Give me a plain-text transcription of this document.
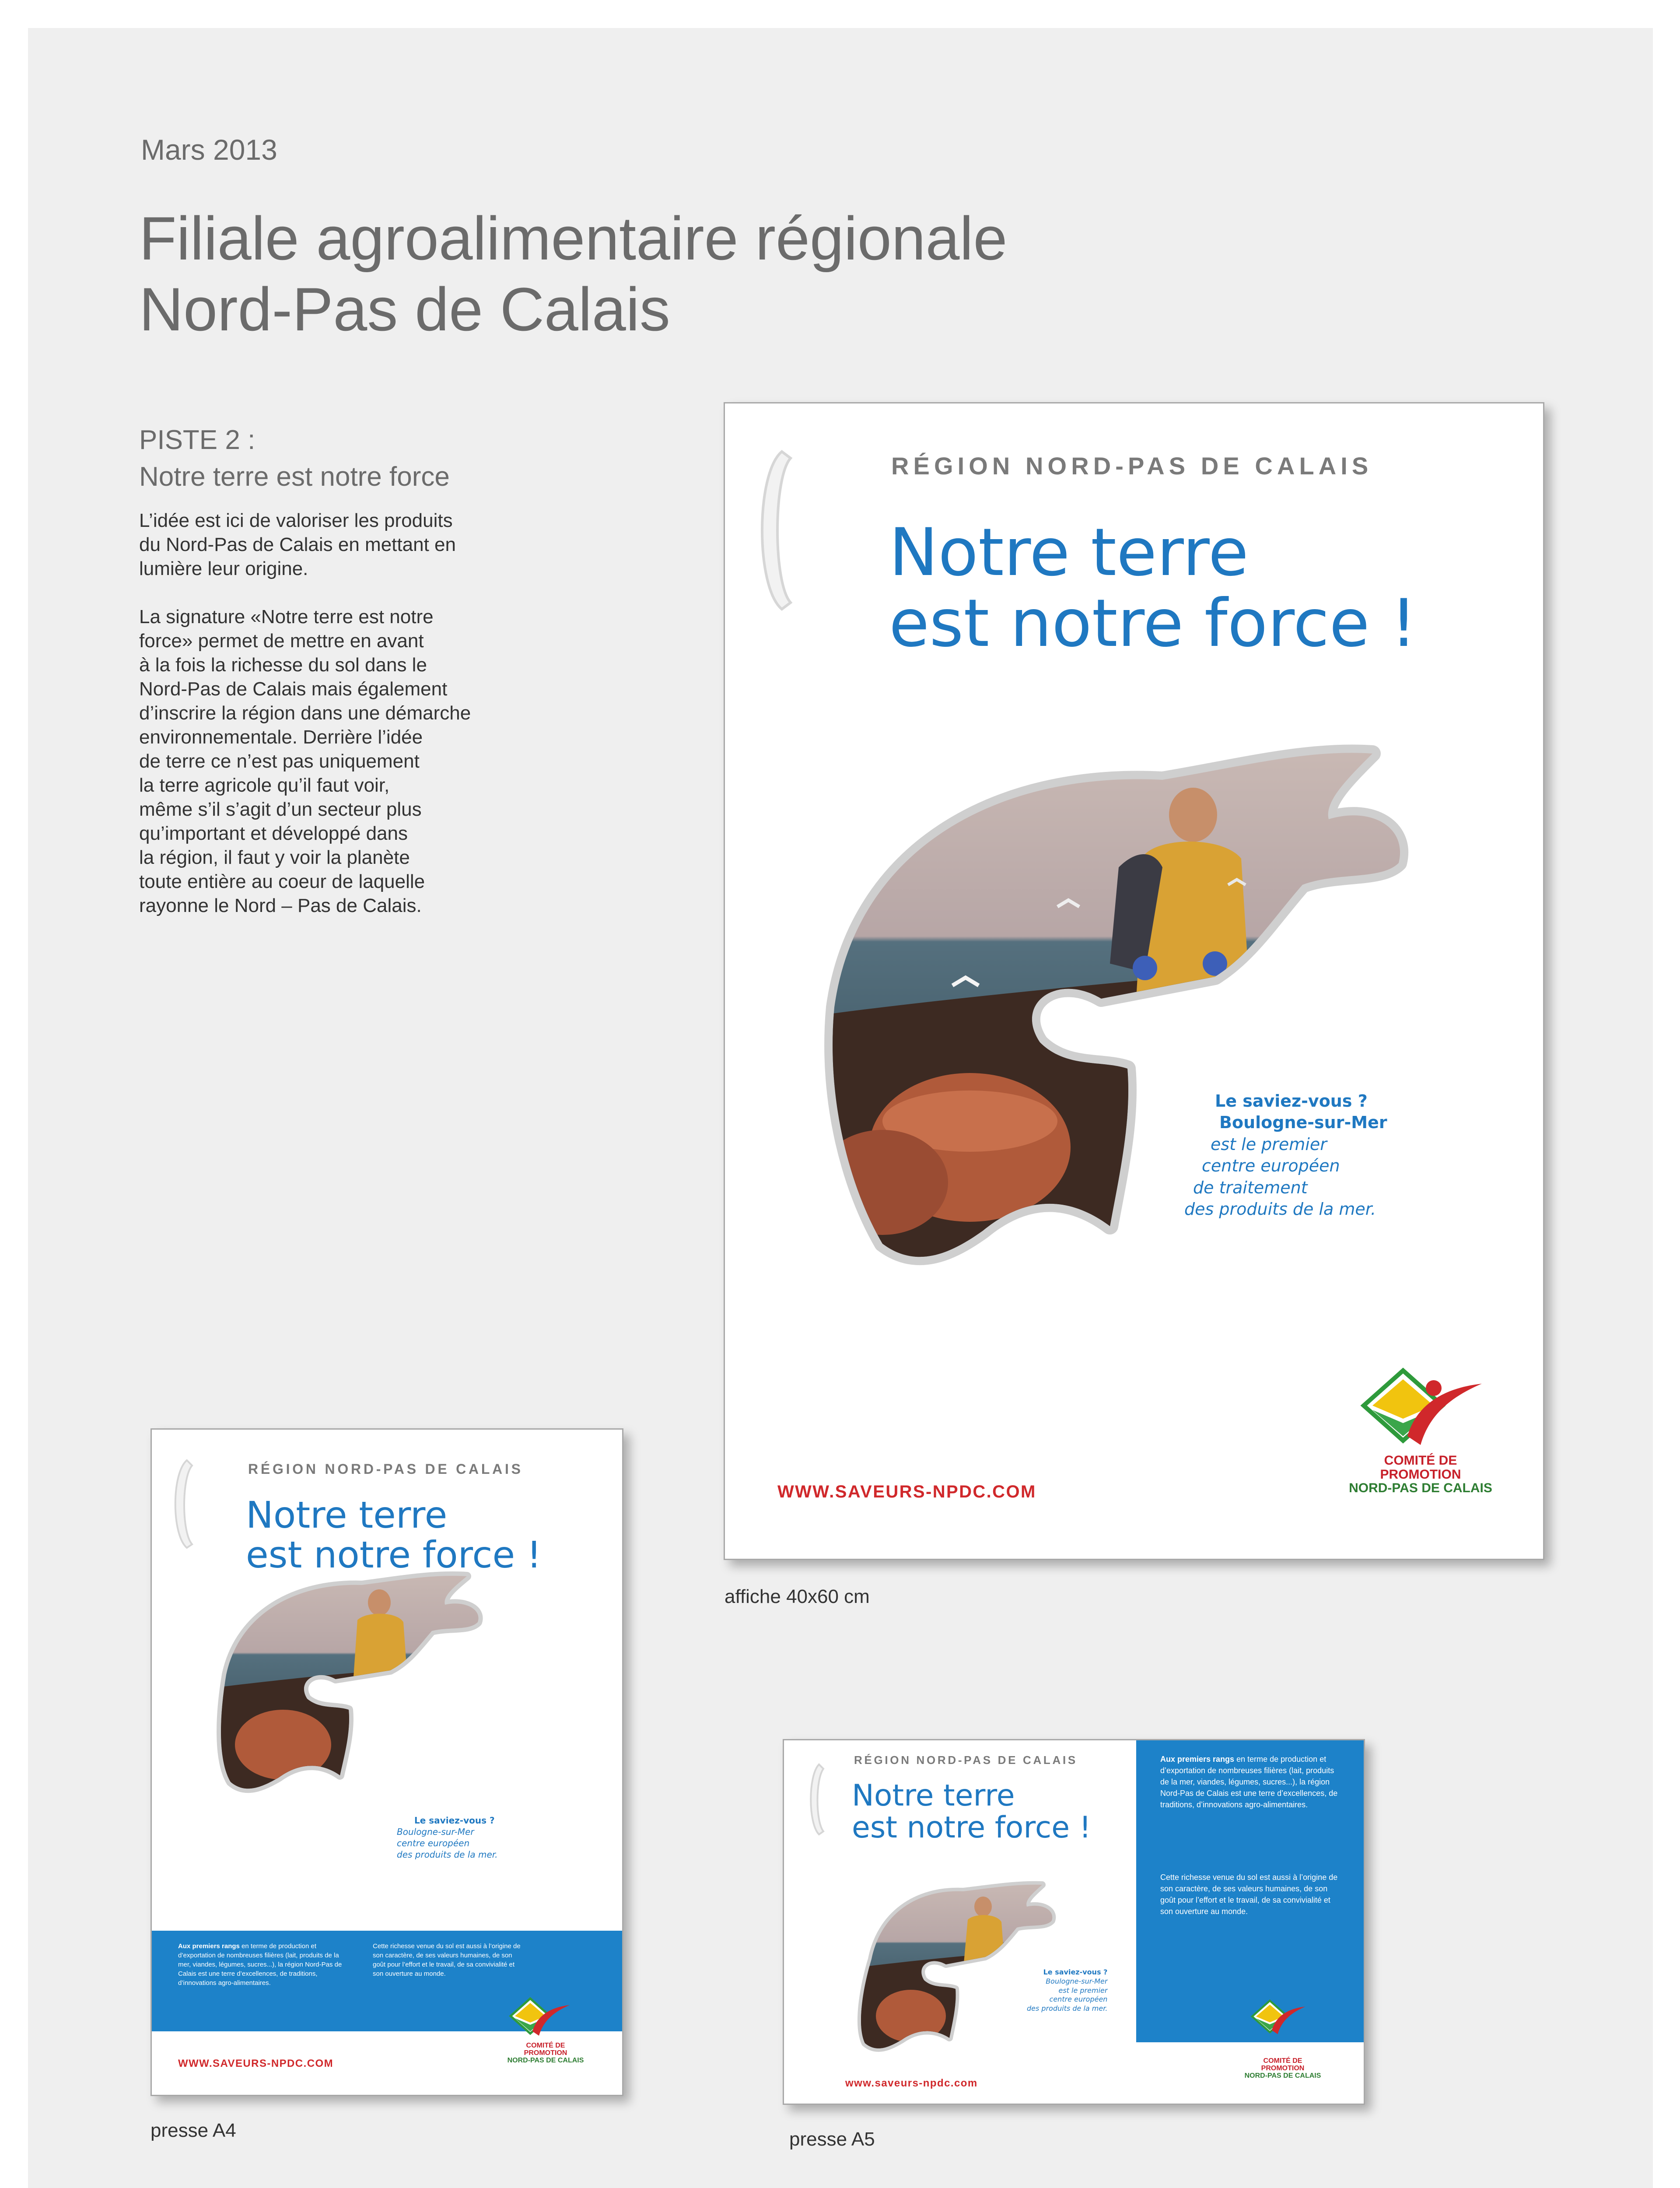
Mars 2013
Filiale agroalimentaire régionale
Nord-Pas de Calais
PISTE 2 :
Notre terre est notre force

L’idée est ici de valoriser les produits
du Nord-Pas de Calais en mettant en
lumière leur origine.

La signature «Notre terre est notre
force» permet de mettre en avant
à la fois la richesse du sol dans le
Nord-Pas de Calais mais également
d’inscrire la région dans une démarche
environnementale. Derrière l’idée
de terre ce n’est pas uniquement
la terre agricole qu’il faut voir,
même s’il s’agit d’un secteur plus
qu’important et développé dans
la région, il faut y voir la planète
toute entière au coeur de laquelle
rayonne le Nord – Pas de Calais.

RÉGION NORD-PAS DE CALAIS
Notre terre
est notre force !
Le saviez-vous ?
Boulogne-sur-Mer
est le premier
centre européen
de traitement
des produits de la mer.
WWW.SAVEURS-NPDC.COM
COMITÉ DE
PROMOTION
NORD-PAS DE CALAIS
affiche 40x60 cm
RÉGION NORD-PAS DE CALAIS
Notre terre
est notre force !
Le saviez-vous ?
Boulogne-sur-Mer
centre européen
des produits de la mer.
Aux premiers rangs en terme de production et d’exportation de nombreuses filières (lait, produits de la mer, viandes, légumes, sucres...), la région Nord-Pas de Calais est une terre d’excellences, de traditions, d’innovations agro-alimentaires.
Cette richesse venue du sol est aussi à l’origine de son caractère, de ses valeurs humaines, de son goût pour l’effort et le travail, de sa convivialité et son ouverture au monde.
WWW.SAVEURS-NPDC.COM
COMITÉ DE
PROMOTION
NORD-PAS DE CALAIS
presse A4
RÉGION NORD-PAS DE CALAIS
Notre terre
est notre force !
Le saviez-vous ?
Boulogne-sur-Mer
est le premier
centre européen
des produits de la mer.
Aux premiers rangs en terme de production et d’exportation de nombreuses filières (lait, produits de la mer, viandes, légumes, sucres...), la région Nord-Pas de Calais est une terre d’excellences, de traditions, d’innovations agro-alimentaires.
Cette richesse venue du sol est aussi à l’origine de son caractère, de ses valeurs humaines, de son goût pour l’effort et le travail, de sa convivialité et son ouverture au monde.
www.saveurs-npdc.com
COMITÉ DE
PROMOTION
NORD-PAS DE CALAIS
presse A5
